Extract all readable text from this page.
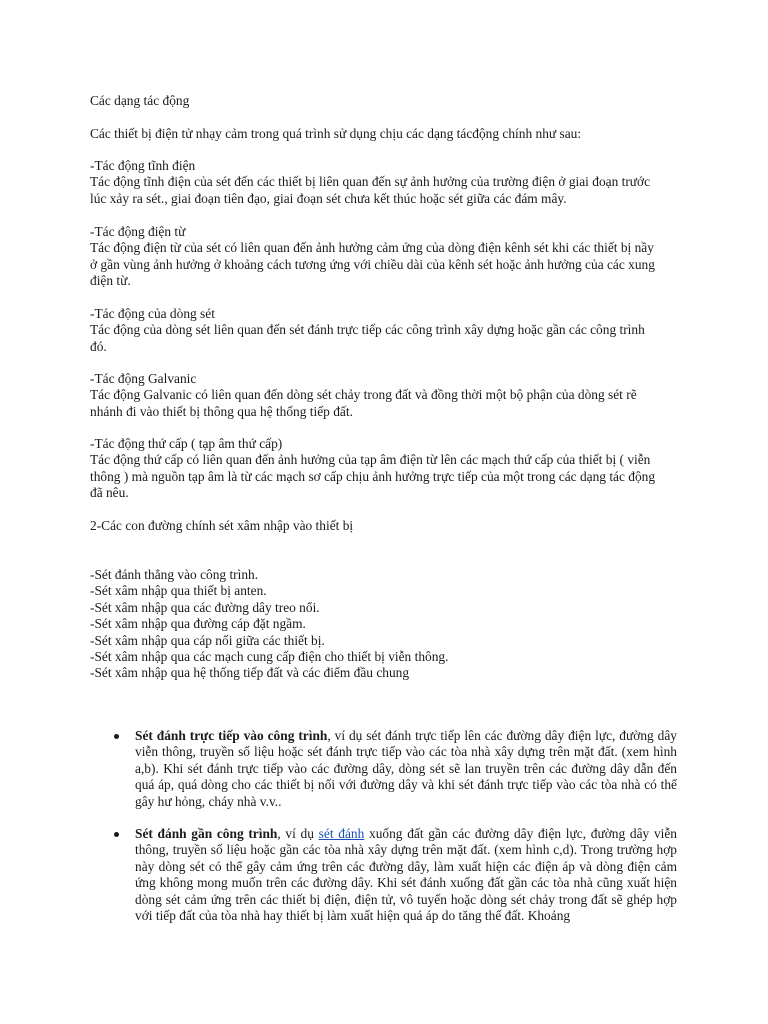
Các dạng tác động
Các thiết bị điện tử nhạy cảm trong quá trình sử dụng chịu các dạng tácđộng chính như sau:

-Tác động tĩnh điện

Tác động tĩnh điện của sét đến các thiết bị liên quan đến sự ảnh hưởng của trường điện ở giai đoạn trước

lúc xảy ra sét., giai đoạn tiên đạo, giai đoạn sét chưa kết thúc hoặc sét giữa các đám mây.

-Tác động điện từ

Tác động điện từ của sét có liên quan đến ảnh hưởng cảm ứng của dòng điện kênh sét khi các thiết bị nầy

ở gần vùng ảnh hưởng ở khoảng cách tương ứng với chiều dài của kênh sét hoặc ảnh hưởng của các xung

điện từ.

-Tác động của dòng sét

Tác động của dòng sét liên quan đến sét đánh trực tiếp các công trình xây dựng hoặc gần các công trình

đó.

-Tác động Galvanic

Tác động Galvanic có liên quan đến dòng sét chảy trong đất và đồng thời một bộ phận của dòng sét rẽ

nhánh đi vào thiết bị thông qua hệ thống tiếp đất.

-Tác động thứ cấp ( tạp âm thứ cấp)

Tác động thứ cấp có liên quan đến ảnh hưởng của tạp âm điện từ lên các mạch thứ cấp của thiết bị ( viễn

thông ) mà nguồn tạp âm là từ các mạch sơ cấp chịu ảnh hưởng trực tiếp của một trong các dạng tác động

đã nêu.

2-Các con đường chính sét xâm nhập vào thiết bị

-Sét đánh thẳng vào công trình.

-Sét xâm nhập qua thiết bị anten.

-Sét xâm nhập qua các đường dây treo nổi.

-Sét xâm nhập qua đường cáp đặt ngầm.

-Sét xâm nhập qua cáp nối giữa các thiết bị.

-Sét xâm nhập qua các mạch cung cấp điện cho thiết bị viễn thông.

-Sét xâm nhập qua hệ thống tiếp đất và các điểm đầu chung

Sét đánh trực tiếp vào công trình, ví dụ sét đánh trực tiếp lên các đường dây điện lực, đường dây viễn thông, truyền số liệu hoặc sét đánh trực tiếp vào các tòa nhà xây dựng trên mặt đất. (xem hình a,b). Khi sét đánh trực tiếp vào các đường dây, dòng sét sẽ lan truyền trên các đường dây dẫn đến quá áp, quá dòng cho các thiết bị nối với đường dây và khi sét đánh trực tiếp vào các tòa nhà có thể gây hư hỏng, cháy nhà v.v..
Sét đánh gần công trình, ví dụ sét đánh xuống đất gần các đường dây điện lực, đường dây viễn thông, truyền số liệu hoặc gần các tòa nhà xây dựng trên mặt đất. (xem hình c,d). Trong trường hợp này dòng sét có thể gây cảm ứng trên các đường dây, làm xuất hiện các điện áp và dòng điện cảm ứng không mong muốn trên các đường dây. Khi sét đánh xuống đất gần các tòa nhà cũng xuất hiện dòng sét cảm ứng trên các thiết bị điện, điện tử, vô tuyến hoặc dòng sét chảy trong đất sẽ ghép hợp với tiếp đất của tòa nhà hay thiết bị làm xuất hiện quá áp do tăng thế đất. Khoảng
